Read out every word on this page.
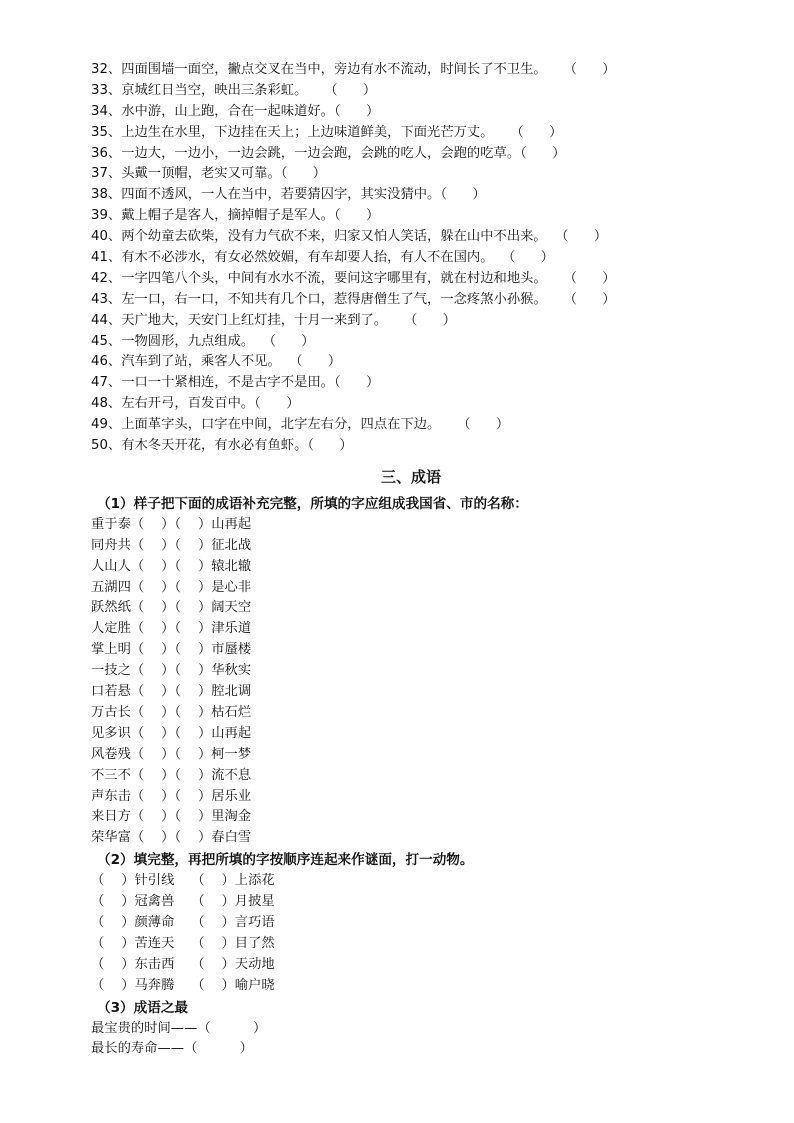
32、四面围墙一面空，撇点交叉在当中，旁边有水不流动，时间长了不卫生。    （      ）
33、京城红日当空，映出三条彩虹。    （      ）
34、水中游，山上跑，合在一起味道好。（      ）
35、上边生在水里，下边挂在天上；上边味道鲜美，下面光芒万丈。    （      ）
36、一边大，一边小，一边会跳，一边会跑，会跳的吃人，会跑的吃草。（      ）
37、头戴一顶帽，老实又可靠。（      ）
38、四面不透风，一人在当中，若要猜囚字，其实没猜中。（      ）
39、戴上帽子是客人，摘掉帽子是军人。（      ）
40、两个幼童去砍柴，没有力气砍不来，归家又怕人笑话，躲在山中不出来。  （      ）
41、有木不必涉水，有女必然姣媚，有车却要人抬，有人不在国内。  （      ）
42、一字四笔八个头，中间有水水不流，要问这字哪里有，就在村边和地头。    （      ）
43、左一口，右一口，不知共有几个口，惹得唐僧生了气，一念疼煞小孙猴。    （      ）
44、天广地大，天安门上红灯挂，十月一来到了。    （      ）
45、一物圆形，九点组成。  （      ）
46、汽车到了站，乘客人不见。  （      ）
47、一口一十紧相连，不是古字不是田。（      ）
48、左右开弓，百发百中。（      ）
49、上面革字头，口字在中间，北字左右分，四点在下边。    （      ）
50、有木冬天开花，有水必有鱼虾。（      ）
三、成语
（1）样子把下面的成语补充完整，所填的字应组成我国省、市的名称：
重于泰（    ）（    ）山再起
同舟共（    ）（    ）征北战
人山人（    ）（    ）辕北辙
五湖四（    ）（    ）是心非
跃然纸（    ）（    ）阔天空
人定胜（    ）（    ）津乐道
掌上明（    ）（    ）市蜃楼
一技之（    ）（    ）华秋实
口若悬（    ）（    ）腔北调
万古长（    ）（    ）枯石烂
见多识（    ）（    ）山再起
风卷残（    ）（    ）柯一梦
不三不（    ）（    ）流不息
声东击（    ）（    ）居乐业
来日方（    ）（    ）里淘金
荣华富（    ）（    ）春白雪
（2）填完整，再把所填的字按顺序连起来作谜面，打一动物。
（    ）针引线    （    ）上添花
（    ）冠禽兽    （    ）月披星
（    ）颜薄命    （    ）言巧语
（    ）苦连天    （    ）目了然
（    ）东击西    （    ）天动地
（    ）马奔腾    （    ）喻户晓
（3）成语之最
最宝贵的时间——（          ）
最长的寿命——（          ）
